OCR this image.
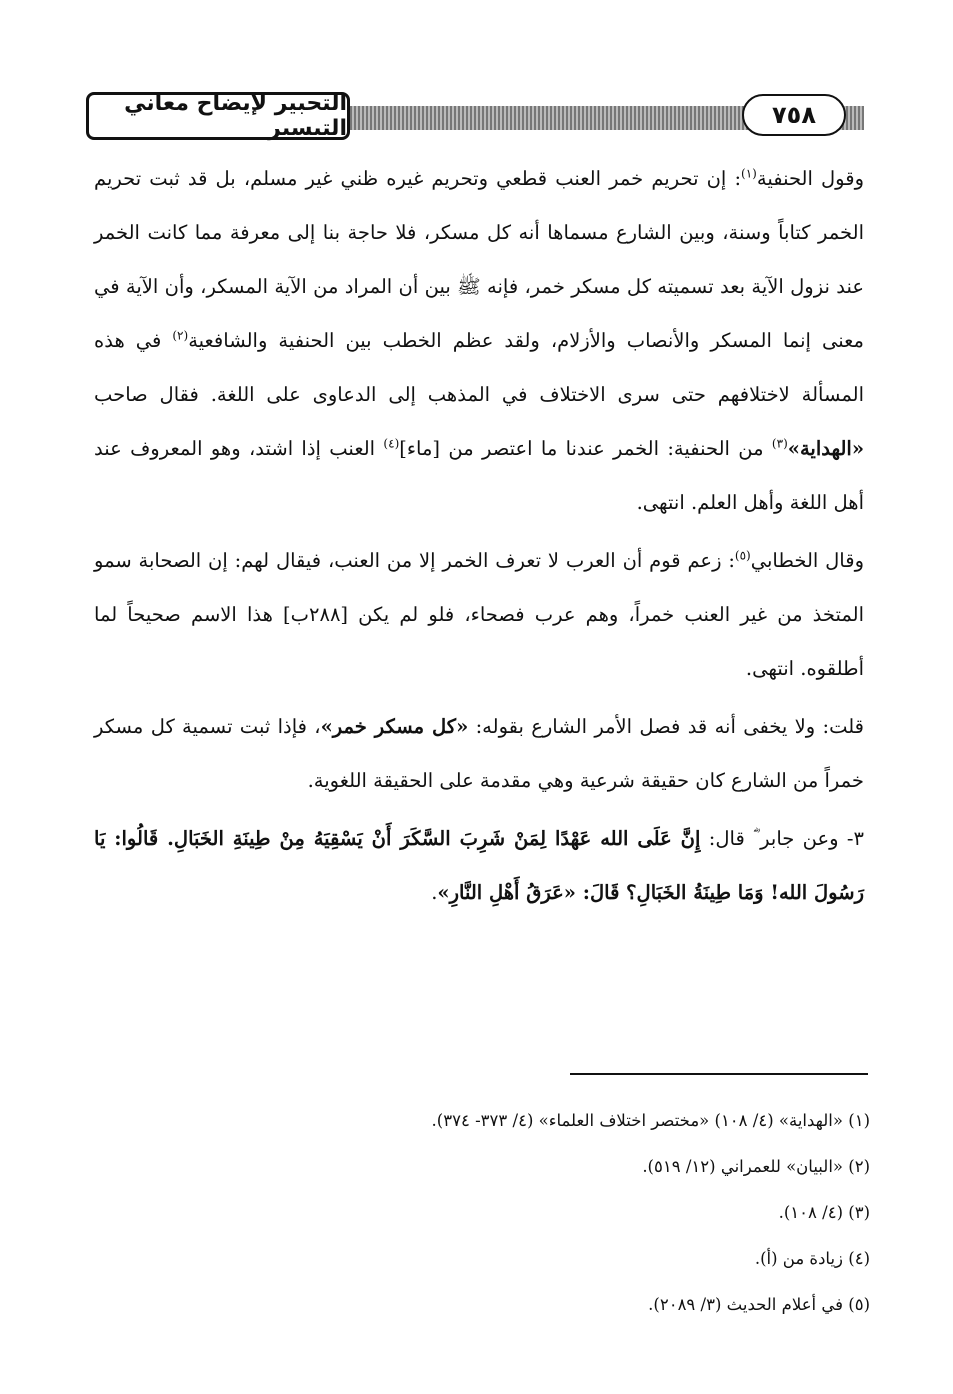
التحبير لإيضاح معاني التيسير	٧٥٨

وقول الحنفية$^{(١)}$: إن تحريم خمر العنب قطعي وتحريم غيره ظني غير مسلم، بل قد ثبت تحريم الخمر كتاباً وسنة، وبين الشارع مسماها أنه كل مسكر، فلا حاجة بنا إلى معرفة مما كانت الخمر عند نزول الآية بعد تسميته كل مسكر خمر، فإنه ﷺ بين أن المراد من الآية المسكر، وأن الآية في معنى إنما المسكر والأنصاب والأزلام، ولقد عظم الخطب بين الحنفية والشافعية$^{(٢)}$ في هذه المسألة لاختلافهم حتى سرى الاختلاف في المذهب إلى الدعاوى على اللغة. فقال صاحب «الهداية»$^{(٣)}$ من الحنفية: الخمر عندنا ما اعتصر من [ماء]$^{(٤)}$ العنب إذا اشتد، وهو المعروف عند أهل اللغة وأهل العلم. انتهى.

وقال الخطابي$^{(٥)}$: زعم قوم أن العرب لا تعرف الخمر إلا من العنب، فيقال لهم: إن الصحابة سمو المتخذ من غير العنب خمراً، وهم عرب فصحاء، فلو لم يكن [٢٨٨ب] هذا الاسم صحيحاً لما أطلقوه. انتهى.

قلت: ولا يخفى أنه قد فصل الأمر الشارع بقوله: «كل مسكر خمر»، فإذا ثبت تسمية كل مسكر خمراً من الشارع كان حقيقة شرعية وهي مقدمة على الحقيقة اللغوية.

٣- وعن جابر ؓ قال: إِنَّ عَلَى الله عَهْدًا لِمَنْ شَرِبَ السَّكَرَ أَنْ يَسْقِيَهُ مِنْ طِينَةِ الخَبَالِ. قَالُوا: يَا رَسُولَ الله! وَمَا طِينَةُ الخَبَالِ؟ قَالَ: «عَرَقُ أَهْلِ النَّارِ».

(١) «الهداية» (٤/ ١٠٨) «مختصر اختلاف العلماء» (٤/ ٣٧٣- ٣٧٤).
(٢) «البيان» للعمراني (١٢/ ٥١٩).
(٣) (٤/ ١٠٨).
(٤) زيادة من (أ).
(٥) في أعلام الحديث (٣/ ٢٠٨٩).
